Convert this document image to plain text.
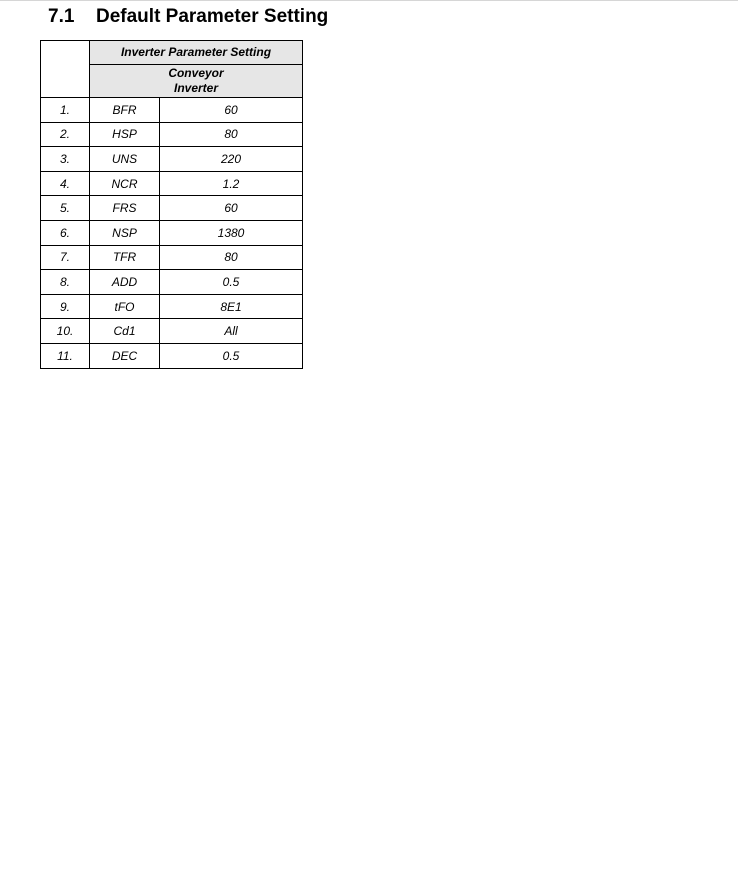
7.1 Default Parameter Setting
	Inverter Parameter Setting	

	Conveyor
Inverter	

1.	BFR	60
2.	HSP	80
3.	UNS	220
4.	NCR	1.2
5.	FRS	60
6.	NSP	1380
7.	TFR	80
8.	ADD	0.5
9.	tFO	8E1
10.	Cd1	All
11.	DEC	0.5
